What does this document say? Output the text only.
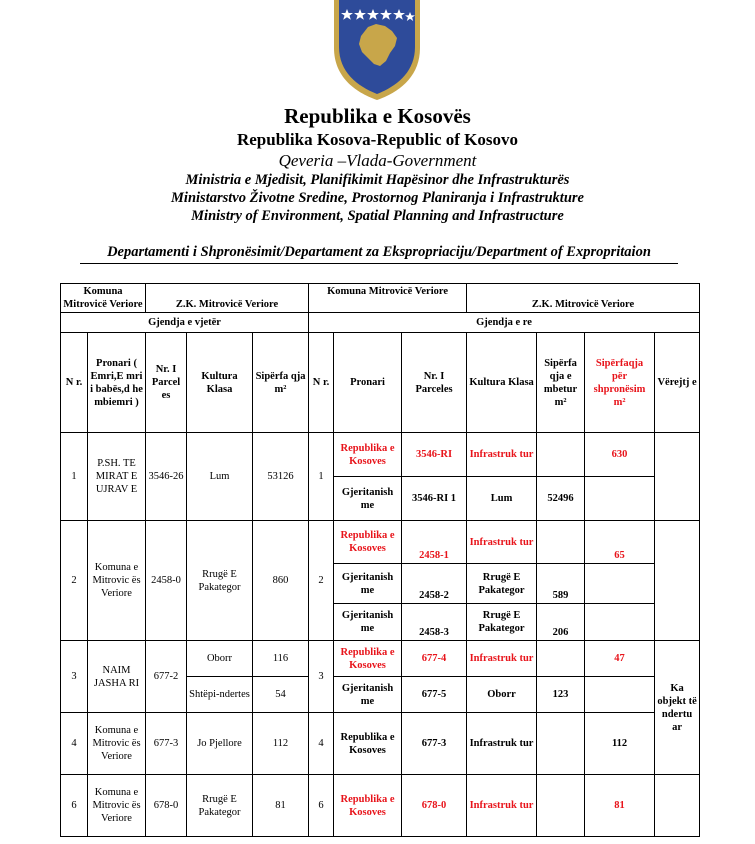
Republika e Kosovës
Republika Kosova-Republic of Kosovo
Qeveria –Vlada-Government
Ministria e Mjedisit, Planifikimit Hapësinor dhe Infrastrukturës
Ministarstvo Životne Sredine, Prostornog Planiranja i Infrastrukture
Ministry of Environment, Spatial Planning and Infrastructure
Departamenti i Shpronësimit/Departament za Ekspropriaciju/Department of Expropritaion
Komuna Mitrovicë Veriore		Z.K. Mitrovicë Veriore			Komuna Mitrovicë Veriore			Z.K. Mitrovicë Veriore			
Gjendja e vjetër					Gjendja e re						
N r.	Pronari ( Emri,E mri i babës,d he mbiemri )	Nr. I Parcel es	Kultura Klasa	Sipërfa qja m²	N r.	Pronari	Nr. I Parceles	Kultura Klasa	Sipërfa qja e mbetur m²	Sipërfaqja për shpronësim m²	Vërejtj e
1	P.SH. TE MIRAT E UJRAV E	3546-26	Lum	53126	1	Republika e Kosoves	3546-RI	Infrastruk tur		630	
						Gjeritanish me	3546-RI 1	Lum	52496		
2	Komuna e Mitrovic ës Veriore	2458-0	Rrugë E Pakategor	860	2	Republika e Kosoves	2458-1	Infrastruk tur		65	
						Gjeritanish me	2458-2	Rrugë E Pakategor	589		
						Gjeritanish me	2458-3	Rrugë E Pakategor	206		
3	NAIM JASHA RI	677-2	Oborr	116	3	Republika e Kosoves	677-4	Infrastruk tur		47	Ka objekt të ndertu ar
			Shtëpi-ndertes	54		Gjeritanish me	677-5	Oborr	123		
4	Komuna e Mitrovic ës Veriore	677-3	Jo Pjellore	112	4	Republika e Kosoves	677-3	Infrastruk tur		112	
6	Komuna e Mitrovic ës Veriore	678-0	Rrugë E Pakategor	81	6	Republika e Kosoves	678-0	Infrastruk tur		81	
